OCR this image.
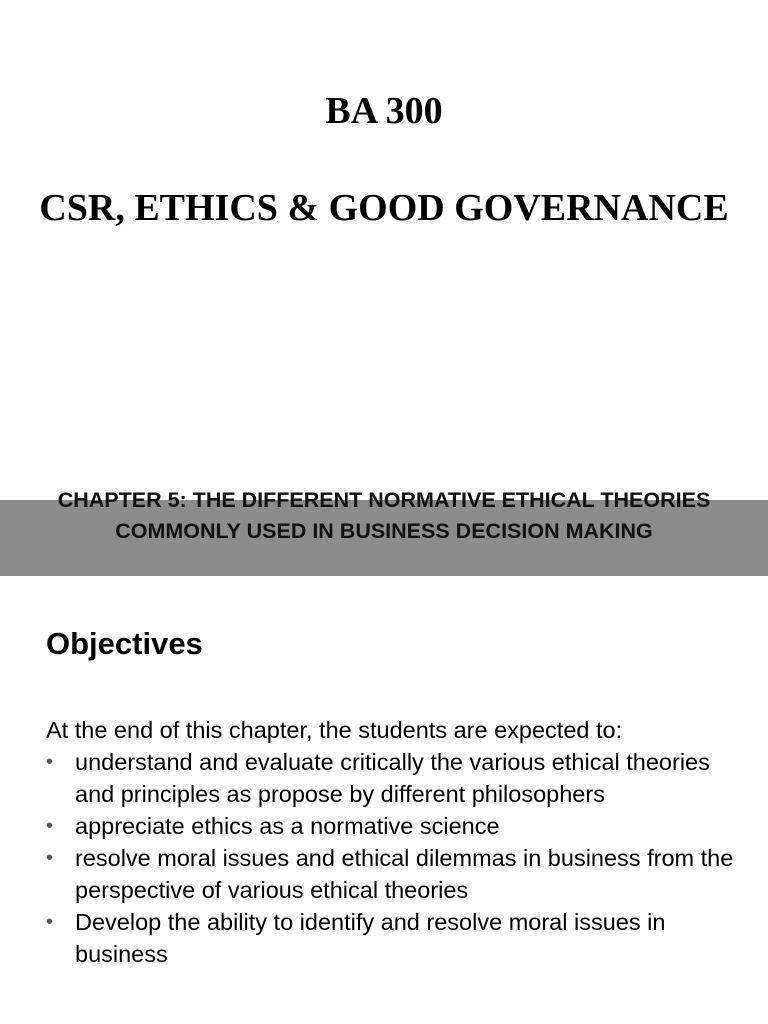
BA 300
CSR, ETHICS & GOOD GOVERNANCE
CHAPTER 5: THE DIFFERENT NORMATIVE ETHICAL THEORIES COMMONLY USED IN BUSINESS DECISION MAKING
Objectives
At the end of this chapter, the students are expected to:
• understand and evaluate critically the various ethical theories and principles as propose by different philosophers
• appreciate ethics as a normative science
• resolve moral issues and ethical dilemmas in business from the perspective of various ethical theories
• Develop the ability to identify and resolve moral issues in business
